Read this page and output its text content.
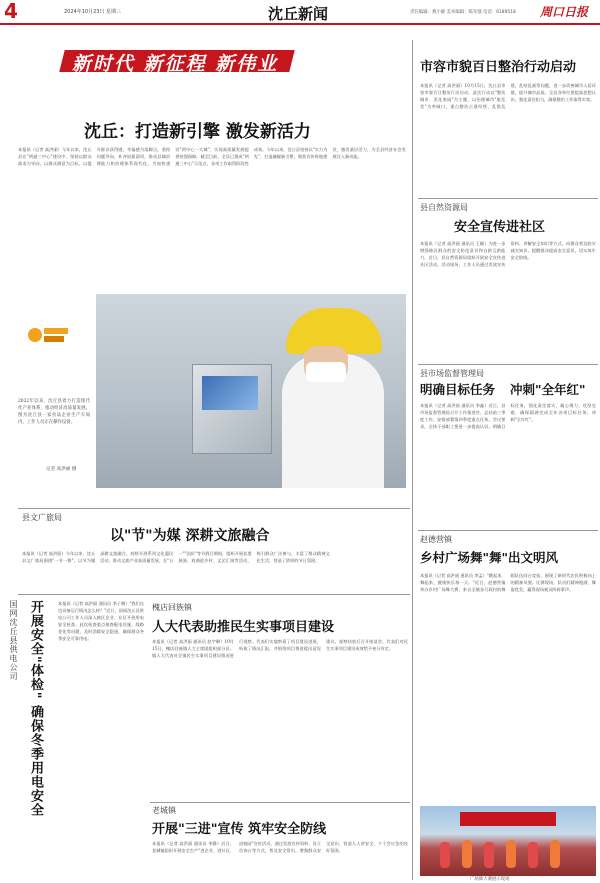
4	2024年10月23日 星期三	沈丘新闻	责任编辑：燕小静 美术编辑：陈军强 电话：6189518	周口日报
新时代 新征程 新伟业
沈丘：打造新引擎 激发新活力
本报讯（记者 高洪丽）今年以来，沈丘县在"两通三中心"建设中，坚持以群众需求为导向，以群众满意为目标，以提升群众获得感、幸福感为落脚点，坚持问题导向，补齐短板弱项，推动县域治理能力和治理体系现代化，为加快建设"两中心一大城"、实现高质量发展提供坚强保障。截至目前，全县已建成"两通三中心"示范点，各项工作取得阶段性成效。今年以来，沈丘县坚持以"实力为先"，打造融媒新引擎，聚焦宣传阵地建设，激发基层活力，为全县经济社会发展注入新动能。
2022年以来，沈丘县着力打造现代化产业体系，推动经济高质量发展。图为沈丘县一家食品企业生产车间内，工作人员正在操作设备。
记者 高洪丽 摄
县文广旅局
以"节"为媒 深耕文旅融合
本报讯（记者 高洪丽）今年以来，沈丘县文广旅局围绕"一节一赛"，以节为媒深耕文旅融合，持续开展系列文化惠民活动，推动文旅产业高质量发展。在"五一""国庆"等节假日期间，组织开展非遗展演、戏曲进乡村、文艺汇演等活动，吸引群众广泛参与，丰富了群众精神文化生活，营造了浓厚的节日氛围。
国网沈丘县供电公司 开展安全"体检" 确保冬季用电安全	本报讯（记者 高洪丽 通讯员 李子腾）"我们这边设备运行情况怎么样？"近日，国网沈丘县供电公司工作人员深入辖区企业、社区开展用电安全检查。此次检查重点排查配电设施、线路老化等问题，及时消除安全隐患，确保群众冬季安全可靠用电。
槐店回族镇
人大代表助推民生实事项目建设
本报讯（记者 高洪丽 通讯员 赵宇琳）10月15日，槐店回族镇人大主席团组织部分县、镇人大代表对全镇民生实事项目建设情况进行视察。代表们实地察看了项目建设进展，听取了情况汇报，并围绕项目推进提出意见建议。视察结束后召开座谈会，代表们对民生实事项目建设成效给予充分肯定。
老城镇
开展"三进"宣传 筑牢安全防线
本报讯（记者 高洪丽 通讯员 李静）近日，老城镇组织开展安全生产"进企业、进社区、进校园"宣传活动，通过发放宣传资料、设立咨询台等方式，普及安全常识，增强群众安全意识，营造人人讲安全、个个会应急的良好氛围。
市容市貌百日整治行动启动
本报讯（记者 高洪丽）10月15日，沈丘县市容市貌百日整治行动启动。此次行动以"整治城市、美化家园"为主题，以治理城市"脏乱差"为突破口，重点整治占道经营、乱搭乱建、乱贴乱画等问题，进一步改善城市人居环境，提升城市品质。全县各单位要提高思想认识，强化责任担当，确保整治工作取得实效。
县自然资源局
安全宣传进社区
本报讯（记者 高洪丽 通讯员 王颖）为进一步增强辖区群众的安全防范意识和自救互救能力，近日，县自然资源局组织开展安全宣传进社区活动。活动现场，工作人员通过发放宣传资料、讲解安全知识等方式，向群众普及防灾减灾知识，提醒群众提高安全意识，切实筑牢安全防线。
县市场监督管理局
明确目标任务 冲刺"全年红"
本报讯（记者 高洪丽 通讯员 李鑫）近日，县市场监督管理局召开工作推进会，总结前三季度工作，安排部署第四季度重点任务。会议要求，全体干部职工要进一步提高认识，明确目标任务，强化责任落实，凝心聚力、攻坚克难，确保圆满完成全年各项目标任务，冲刺"全年红"。
赵德营镇
乡村广场舞"舞"出文明风
本报讯（记者 高洪丽 通讯员 李孟）"跳起来、舞起来，健康快乐每一天。"近日，赵德营镇举办乡村广场舞大赛，来自全镇各行政村的舞蹈队伍同台竞技，展现了新时代农民积极向上的精神风貌。比赛现场，队员们精神饱满、舞姿优美，赢得现场观众阵阵掌声。
广场舞大赛展示现场
